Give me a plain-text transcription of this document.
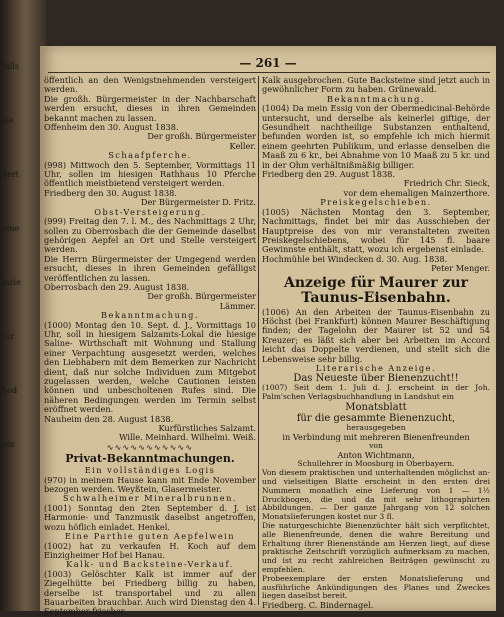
falls
sie
dert
eine
lezie
tur
bod
ein
— 261 —
öffentlich an den Wenigstnehmenden versteigert werden.
Die großh. Bürgermeister in der Nachbarschaft werden ersucht, dieses in ihren Gemeinden bekannt machen zu lassen.
Offenheim den 30. August 1838.
Der großh. Bürgermeister
Keller.
Schaafpferche.
(998) Mittwoch den 5. September, Vormittags 11 Uhr, sollen im hiesigen Rathhaus 10 Pferche öffentlich meistbietend versteigert werden.
Friedberg den 30. August 1838.
Der Bürgermeister D. Fritz.
Obst-Versteigerung.
(999) Freitag den 7. l. M., des Nachmittags 2 Uhr, sollen zu Oberrosbach die der Gemeinde daselbst gehörigen Aepfel an Ort und Stelle versteigert werden.
Die Herrn Bürgermeister der Umgegend werden ersucht, dieses in ihren Gemeinden gefälligst veröffentlichen zu lassen.
Oberrosbach den 29. August 1838.
Der großh. Bürgermeister
Lämmer.
Bekanntmachung.
(1000) Montag den 10. Sept. d. J., Vormittags 10 Uhr, soll in hiesigem Salzamts-Lokal die hiesige Saline- Wirthschaft mit Wohnung und Stallung einer Verpachtung ausgesetzt werden, welches den Liebhabern mit dem Bemerken zur Nachricht dient, daß nur solche Individuen zum Mitgebot zugelassen werden, welche Cautionen leisten können und unbescholtenen Rufes sind. Die näheren Bedingungen werden im Termin selbst eröffnet werden.
Nauheim den 28. August 1838.
Kurfürstliches Salzamt.
Wille. Meinhard. Wilhelmi. Weiß.
∿∿∿∿∿∿∿∿∿∿∿
Privat-Bekanntmachungen.
Ein vollständiges Logis
(970) in meinem Hause kann mit Ende November bezogen werden. Weyßtein, Glasermeister.
Schwalheimer Mineralbrunnen.
(1001) Sonntag den 2ten September d. J. ist Harmonie- und Tanzmusik daselbst angetroffen, wozu höflich einladet. Henkel.
Eine Parthie guten Aepfelwein
(1002) hat zu verkaufen H. Koch auf dem Einzigheimer Hof bei Hanau.
Kalk- und Backsteine-Verkauf.
(1003) Gelöschter Kalk ist immer auf der Ziegelhütte bei Friedberg billig zu haben, derselbe ist transportabel und zu allen Bauarbeiten brauchbar. Auch wird Dienstag den 4. September frischer
Kalk ausgebrochen. Gute Backsteine sind jetzt auch in gewöhnlicher Form zu haben. Grünewald.
Bekanntmachung.
(1004) Da mein Essig von der Obermedicinal-Behörde untersucht, und derselbe als keinerlei giftige, der Gesundheit nachtheilige Substanzen enthaltend, befunden worden ist, so empfehle ich mich hiermit einem geehrten Publikum, und erlasse denselben die Maaß zu 6 kr., bei Abnahme von 10 Maaß zu 5 kr. und in der Ohm verhältnißmäßig billiger.
Friedberg den 29. August 1838.
Friedrich Chr. Sieck,
vor dem ehemaligen Mainzerthore.
Preiskegelschieben.
(1005) Nächsten Montag den 3. September, Nachmittags, findet bei mir das Ausschieben der Hauptpreise des von mir veranstalteten zweiten Preiskegelschiebens, wobei für 145 fl. baare Gewinnste enthält, statt, wozu ich ergebenst einlade.
Hochmühle bei Windecken d. 30. Aug. 1838.
Peter Menger.
Anzeige für Maurer zur Taunus-Eisenbahn.
(1006) An den Arbeiten der Taunus-Eisenbahn zu Höchst (bei Frankfurt) können Maurer Beschäftigung finden; der Tagelohn der Maurer ist 52 und 54 Kreuzer; es läßt sich aber bei Arbeiten im Accord leicht das Doppelte verdienen, und stellt sich die Lebensweise sehr billig.
Literarische Anzeige.
Das Neueste über Bienenzucht!!
(1007) Seit dem 1. Juli d. J. erscheint in der Joh. Palm'schen Verlagsbuchhandlung in Landshut ein
Monatsblatt
für die gesammte Bienenzucht,
herausgegeben
in Verbindung mit mehreren Bienenfreunden
von
Anton Wichtmann,
Schullehrer in Moosburg in Oberbayern.
Von diesem praktischen und unterhaltenden möglichst an- und vielseitigen Blatte erscheint in den ersten drei Nummern monatlich eine Lieferung von 1 — 1½ Druckbogen, die und da mit sehr lithographirten Abbildungen. — Der ganze Jahrgang von 12 solchen Monatslieferungen kostet nur 3 fl.
Die naturgeschichte Bienenzüchter hält sich verpflichtet, alle Bienenfreunde, denen die wahre Bereitung und Erhaltung ihrer Bienenstände am Herzen liegt, auf diese praktische Zeitschrift vorzüglich aufmerksam zu machen, und ist zu recht zahlreichen Beiträgen gewünscht zu empfehlen.
Probeexemplare der ersten Monatslieferung und ausführliche Ankündigungen des Planes und Zweckes liegen daselbst bereit.
Friedberg. C. Bindernagel.
